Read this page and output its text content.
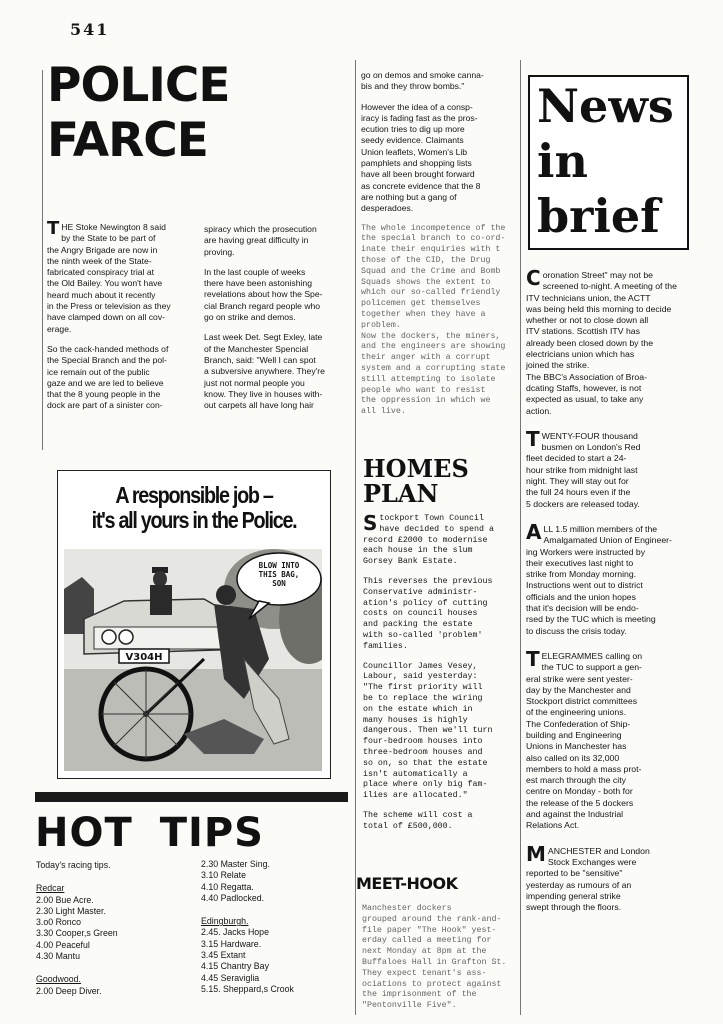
541
POLICE
FARCE

THE Stoke Newington 8 said
by the State to be part of
the Angry Brigade are now in
the ninth week of the State-
fabricated conspiracy trial at
the Old Bailey. You won't have
heard much about it recently
in the Press or television as they
have clamped down on all cov-
erage.

So the cack-handed methods of
the Special Branch and the pol-
ice remain out of the public
gaze and we are led to believe
that the 8 young people in the
dock are part of a sinister con-

spiracy which the prosecution
are having great difficulty in
proving.

In the last couple of weeks
there have been astonishing
revelations about how the Spe-
cial Branch regard people who
go on strike and demos.

Last week Det. Segt Exley, late
of the Manchester Spencial
Branch, said: "Well I can spot
a subversive anywhere. They're
just not normal people you
know. They live in houses with-
out carpets all have long hair

go on demos and smoke canna-
bis and they throw bombs."

However the idea of a consp-
iracy is fading fast as the pros-
ecution tries to dig up more
seedy evidence. Claimants
Union leaflets, Women's Lib
pamphlets and shopping lists
have all been brought forward
as concrete evidence that the 8
are nothing but a gang of
desperadoes.

The whole incompetence of the
the special branch to co-ord-
inate their enquiries with t
those of the CID, the Drug
Squad and the Crime and Bomb
Squads shows the extent to
which our so-called friendly
policemen get themselves
together when they have a
problem.
Now the dockers, the miners,
and the engineers are showing
their anger with a corrupt
system and a corrupting state
still attempting to isolate
people who want to resist
the oppression in which we
all live.

A responsible job –
it's all yours in the Police.
V304H
BLOW INTO
THIS BAG,
SON
HOT TIPS
Today's racing tips.
Redcar
2.00 Bue Acre.
2.30 Light Master.
3.o0 Ronco
3.30 Cooper,s Green
4.00 Peaceful
4.30 Mantu
Goodwood.
2.00 Deep Diver.
2.30 Master Sing.
3.10 Relate
4.10 Regatta.
4.40 Padlocked.
Edingburgh.
2.45. Jacks Hope
3.15 Hardware.
3.45 Extant
4.15 Chantry Bay
4.45 Seraviglia
5.15. Sheppard,s Crook
HOMES
PLAN

Stockport Town Council
have decided to spend a
record £2000 to modernise
each house in the slum
Gorsey Bank Estate.

This reverses the previous
Conservative administr-
ation's policy of cutting
costs on council houses
and packing the estate
with so-called 'problem'
families.

Councillor James Vesey,
Labour, said yesterday:
"The first priority will
be to replace the wiring
on the estate which in
many houses is highly
dangerous. Then we'll turn
four-bedroom houses into
three-bedroom houses and
so on, so that the estate
isn't automatically a
place where only big fam-
ilies are allocated."

The scheme will cost a
total of £500,000.

MEET-HOOK
Manchester dockers
grouped around the rank-and-
file paper "The Hook" yest-
erday called a meeting for
next Monday at 8pm at the
Buffaloes Hall in Grafton St.
They expect tenant's ass-
ociations to protect against
the imprisonment of the
"Pentonville Five".
News
in
brief

Coronation Street" may not be
screened to-night. A meeting of the
ITV technicians union, the ACTT
was being held this morning to decide
whether or not to close down all
ITV stations. Scottish ITV has
already been closed down by the
electricians union which has
joined the strike.
The BBC's Association of Broa-
dcating Staffs, however, is not
expected as usual, to take any
action.

TWENTY-FOUR thousand
busmen on London's Red
fleet decided to start a 24-
hour strike from midnight last
night. They will stay out for
the full 24 hours even if the
5 dockers are released today.

ALL 1.5 million members of the
Amalgamated Union of Engineer-
ing Workers were instructed by
their executives last night to
strike from Monday morning.
Instructions went out to district
officials and the union hopes
that it's decision will be endo-
rsed by the TUC which is meeting
to discuss the crisis today.

TELEGRAMMES calling on
the TUC to support a gen-
eral strike were sent yester-
day by the Manchester and
Stockport district committees
of the engineering unions.
The Confederation of Ship-
building and Engineering
Unions in Manchester has
also called on its 32,000
members to hold a mass prot-
est march through the city
centre on Monday - both for
the release of the 5 dockers
and against the Industrial
Relations Act.

MANCHESTER and London
Stock Exchanges were
reported to be "sensitive"
yesterday as rumours of an
impending general strike
swept through the floors.
